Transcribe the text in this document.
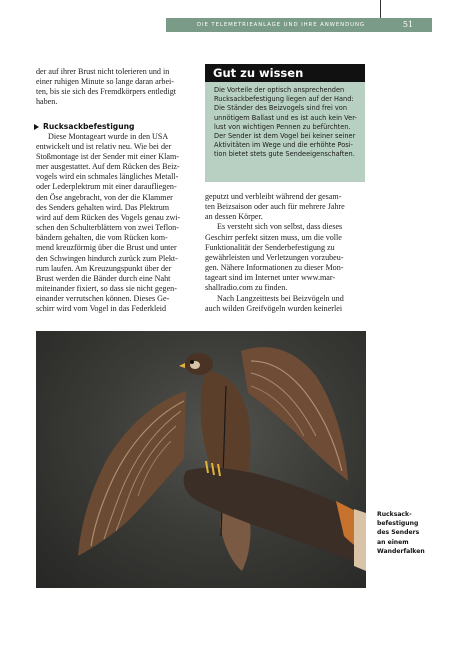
DIE TELEMETRIEANLAGE UND IHRE ANWENDUNG	51
der auf ihrer Brust nicht tolerieren und in
einer ruhigen Minute so lange daran arbei-
ten, bis sie sich des Fremdkörpers entledigt
haben.
Rucksackbefestigung
Diese Montageart wurde in den USA
entwickelt und ist relativ neu. Wie bei der
Stoßmontage ist der Sender mit einer Klam-
mer ausgestattet. Auf dem Rücken des Beiz-
vogels wird ein schmales längliches Metall-
oder Lederplektrum mit einer daraufliegen-
den Öse angebracht, von der die Klammer
des Senders gehalten wird. Das Plektrum
wird auf dem Rücken des Vogels genau zwi-
schen den Schulterblättern von zwei Teflon-
bändern gehalten, die vom Rücken kom-
mend kreuzförmig über die Brust und unter
den Schwingen hindurch zurück zum Plekt-
rum laufen. Am Kreuzungspunkt über der
Brust werden die Bänder durch eine Naht
miteinander fixiert, so dass sie nicht gegen-
einander verrutschen können. Dieses Ge-
schirr wird vom Vogel in das Federkleid
Gut zu wissen
Die Vorteile der optisch ansprechenden
Rucksackbefestigung liegen auf der Hand:
Die Ständer des Beizvogels sind frei von
unnötigem Ballast und es ist auch kein Ver-
lust von wichtigen Pennen zu befürchten.
Der Sender ist dem Vogel bei keiner seiner
Aktivitäten im Wege und die erhöhte Posi-
tion bietet stets gute Sendeeigenschaften.
geputzt und verbleibt während der gesam-
ten Beizsaison oder auch für mehrere Jahre
an dessen Körper.
Es versteht sich von selbst, dass dieses
Geschirr perfekt sitzen muss, um die volle
Funktionalität der Senderbefestigung zu
gewährleisten und Verletzungen vorzubeu-
gen. Nähere Informationen zu dieser Mon-
tageart sind im Internet unter www.mar-
shallradio.com zu finden.
Nach Langzeittests bei Beizvögeln und
auch wilden Greifvögeln wurden keinerlei
Rucksack-
befestigung
des Senders
an einem
Wanderfalken
